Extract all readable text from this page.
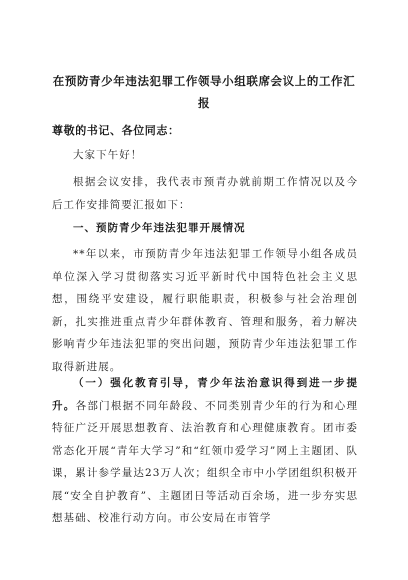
在预防青少年违法犯罪工作领导小组联席会议上的工作汇报
尊敬的书记、各位同志：
大家下午好！
根据会议安排，我代表市预青办就前期工作情况以及今后工作安排简要汇报如下：
一、预防青少年违法犯罪开展情况
**年以来，市预防青少年违法犯罪工作领导小组各成员单位深入学习贯彻落实习近平新时代中国特色社会主义思想，围绕平安建设，履行职能职责，积极参与社会治理创新，扎实推进重点青少年群体教育、管理和服务，着力解决影响青少年违法犯罪的突出问题，预防青少年违法犯罪工作取得新进展。
（一）强化教育引导，青少年法治意识得到进一步提升。各部门根据不同年龄段、不同类别青少年的行为和心理特征广泛开展思想教育、法治教育和心理健康教育。团市委常态化开展“青年大学习”和“红领巾爱学习”网上主题团、队课，累计参学量达23万人次；组织全市中小学团组织积极开展“安全自护教育”、主题团日等活动百余场，进一步夯实思想基础、校准行动方向。市公安局在市管学
